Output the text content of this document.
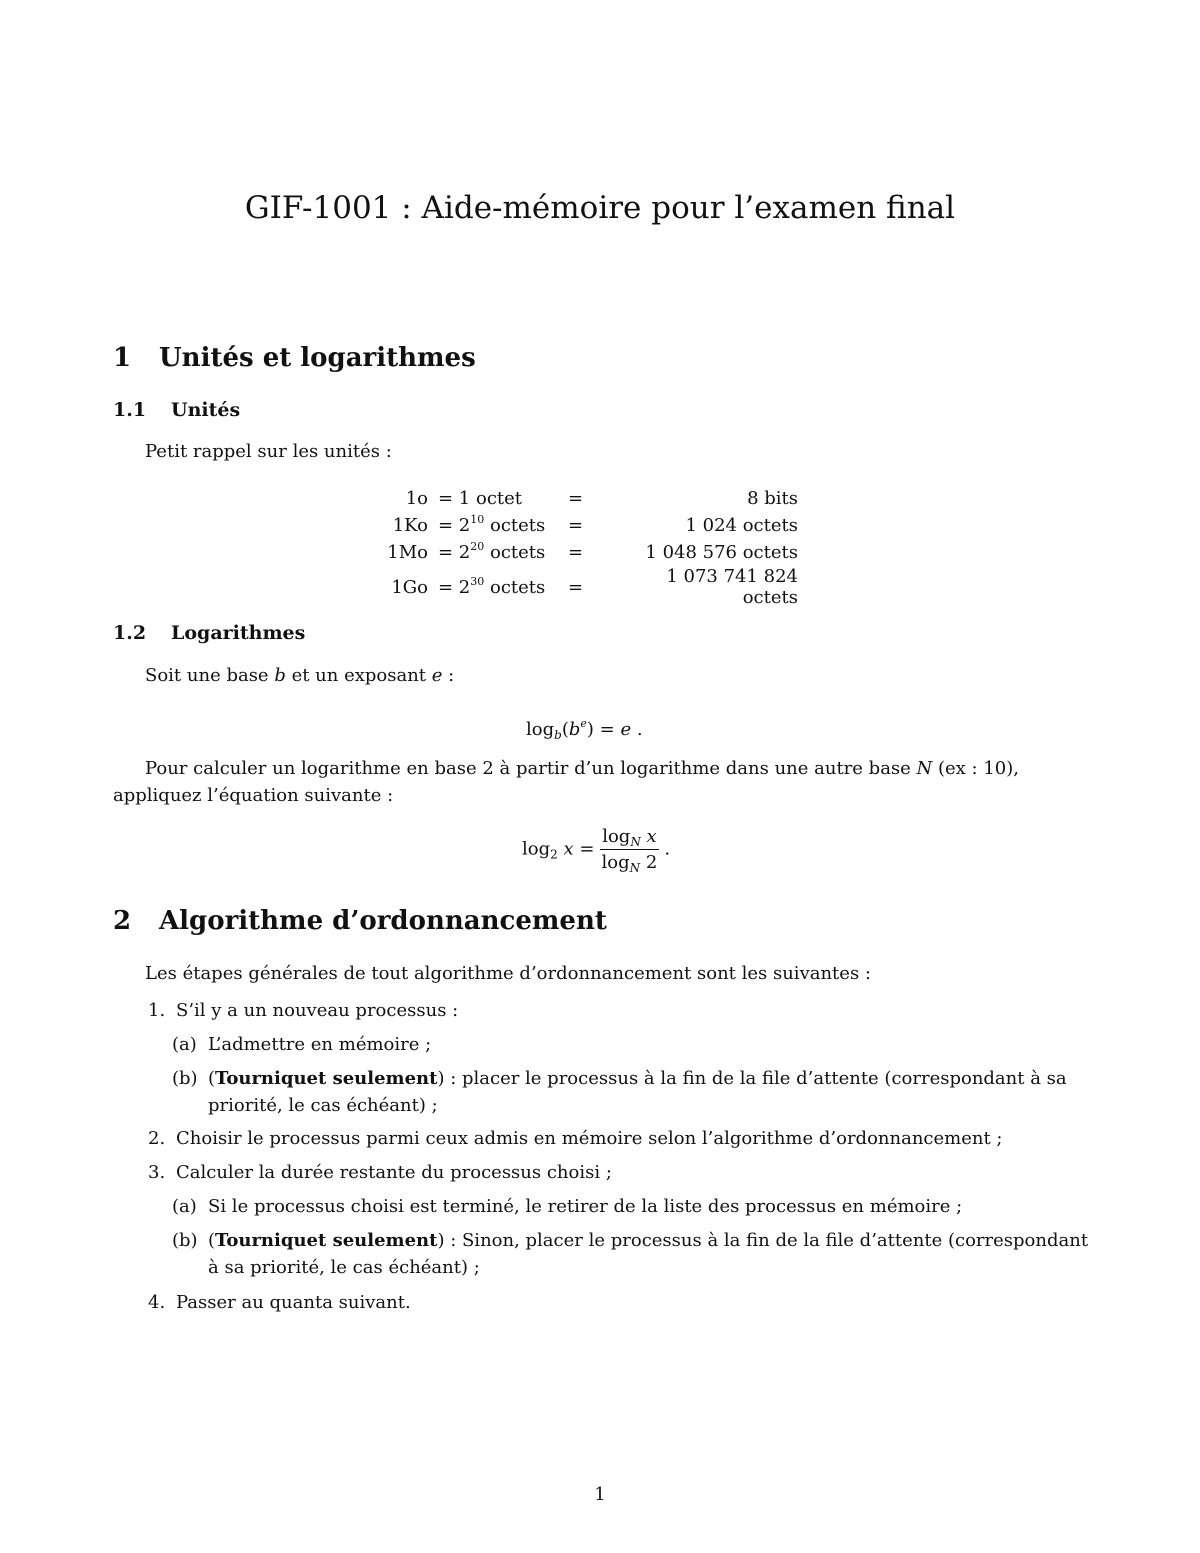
GIF-1001 : Aide-mémoire pour l’examen final
1 Unités et logarithmes
1.1 Unités
Petit rappel sur les unités :
1o	= 1 octet	=	8 bits
1Ko	= $2^{10}$ octets	=	1 024 octets
1Mo	= $2^{20}$ octets	=	1 048 576 octets
1Go	= $2^{30}$ octets	=	1 073 741 824 octets
1.2 Logarithmes
Soit une base b et un exposant e :
$\log_b(b^e) = e$ .
Pour calculer un logarithme en base 2 à partir d’un logarithme dans une autre base N (ex : 10),
appliquez l’équation suivante :
$\log_2 x = \frac{\log_N x}{\log_N 2}$ .
2 Algorithme d’ordonnancement
Les étapes générales de tout algorithme d’ordonnancement sont les suivantes :
1. S’il y a un nouveau processus :
(a) L’admettre en mémoire ;
(b) (Tourniquet seulement) : placer le processus à la fin de la file d’attente (correspondant à sa
priorité, le cas échéant) ;
2. Choisir le processus parmi ceux admis en mémoire selon l’algorithme d’ordonnancement ;
3. Calculer la durée restante du processus choisi ;
(a) Si le processus choisi est terminé, le retirer de la liste des processus en mémoire ;
(b) (Tourniquet seulement) : Sinon, placer le processus à la fin de la file d’attente (correspondant
à sa priorité, le cas échéant) ;
4. Passer au quanta suivant.
1
